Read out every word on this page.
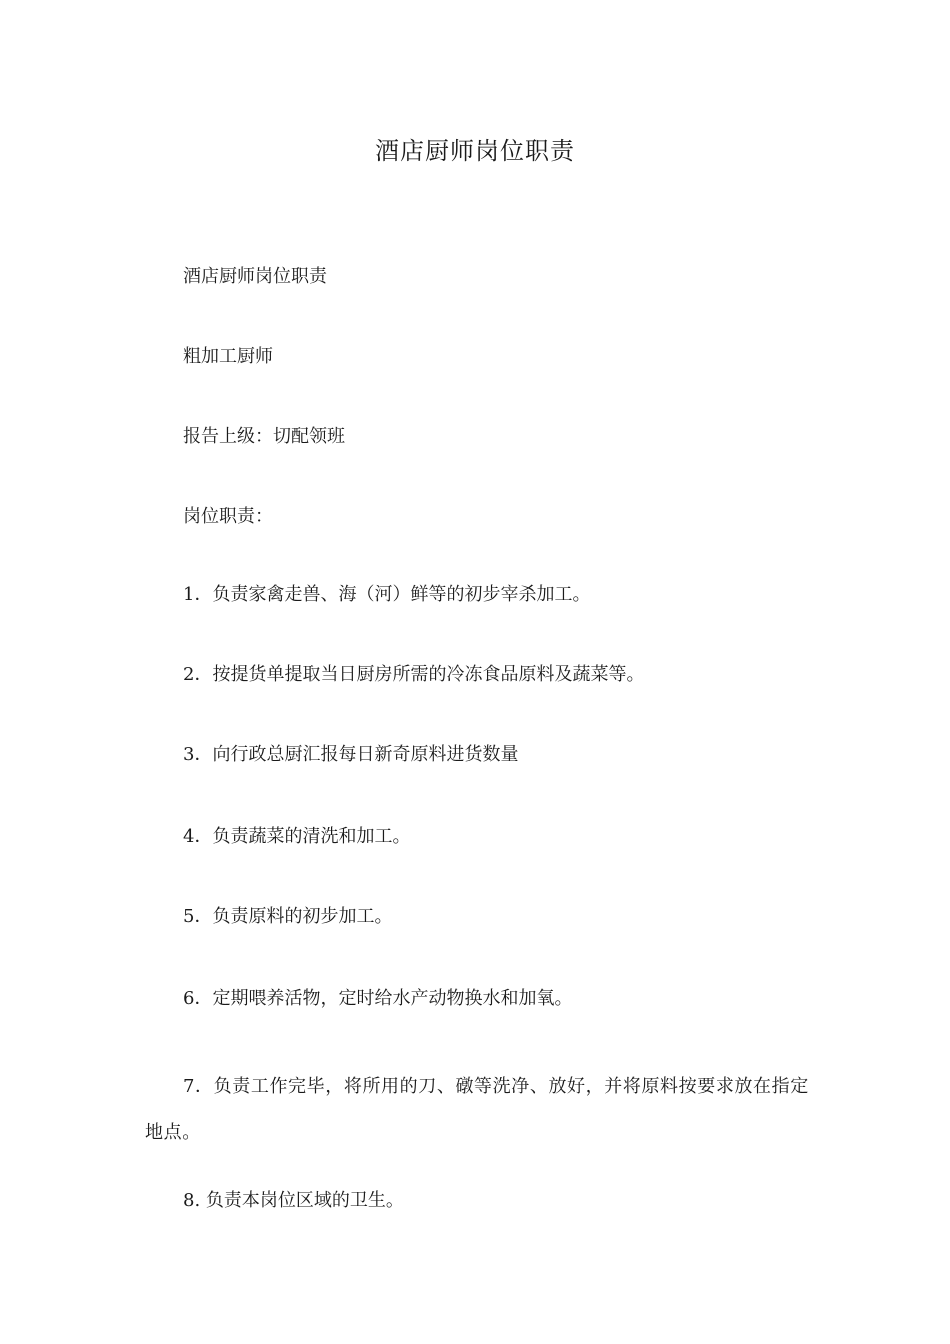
酒店厨师岗位职责
酒店厨师岗位职责
粗加工厨师
报告上级：切配领班
岗位职责：
1．负责家禽走兽、海（河）鲜等的初步宰杀加工。
2．按提货单提取当日厨房所需的冷冻食品原料及蔬菜等。
3．向行政总厨汇报每日新奇原料进货数量
4．负责蔬菜的清洗和加工。
5．负责原料的初步加工。
6．定期喂养活物，定时给水产动物换水和加氧。
7．负责工作完毕，将所用的刀、礅等洗净、放好，并将原料按要求放在指定地点。
8. 负责本岗位区域的卫生。
